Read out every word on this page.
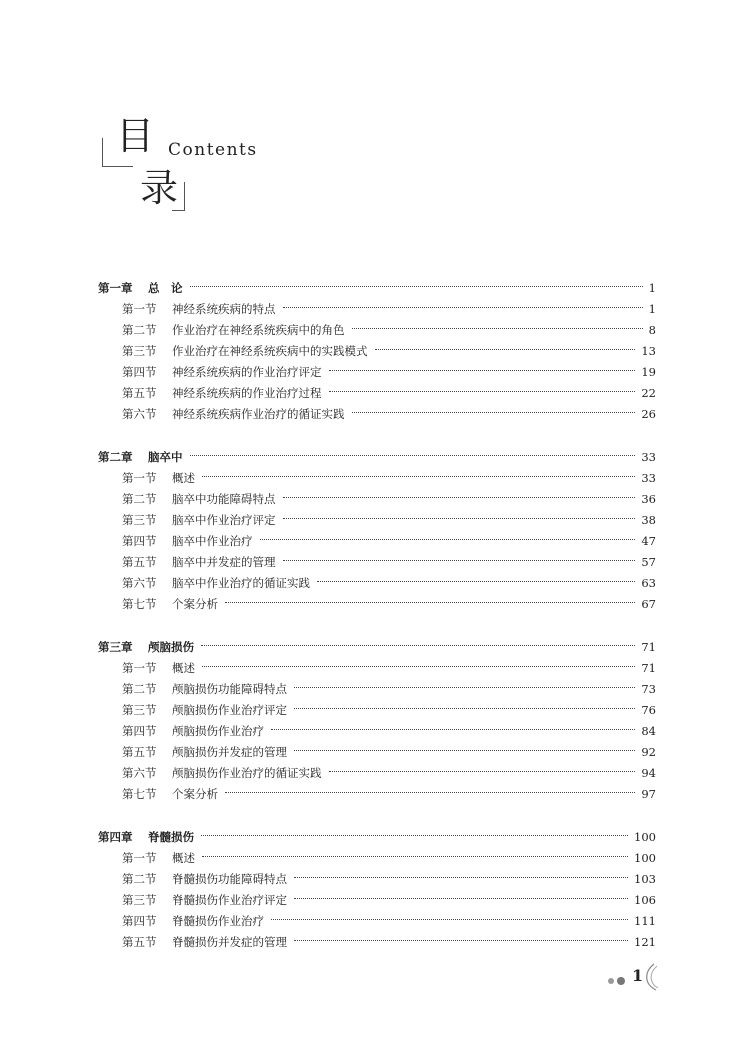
目 Contents
录
第一章	总　论	1
第一节	神经系统疾病的特点	1
第二节	作业治疗在神经系统疾病中的角色	8
第三节	作业治疗在神经系统疾病中的实践模式	13
第四节	神经系统疾病的作业治疗评定	19
第五节	神经系统疾病的作业治疗过程	22
第六节	神经系统疾病作业治疗的循证实践	26
第二章	脑卒中	33
第一节	概述	33
第二节	脑卒中功能障碍特点	36
第三节	脑卒中作业治疗评定	38
第四节	脑卒中作业治疗	47
第五节	脑卒中并发症的管理	57
第六节	脑卒中作业治疗的循证实践	63
第七节	个案分析	67
第三章	颅脑损伤	71
第一节	概述	71
第二节	颅脑损伤功能障碍特点	73
第三节	颅脑损伤作业治疗评定	76
第四节	颅脑损伤作业治疗	84
第五节	颅脑损伤并发症的管理	92
第六节	颅脑损伤作业治疗的循证实践	94
第七节	个案分析	97
第四章	脊髓损伤	100
第一节	概述	100
第二节	脊髓损伤功能障碍特点	103
第三节	脊髓损伤作业治疗评定	106
第四节	脊髓损伤作业治疗	111
第五节	脊髓损伤并发症的管理	121
1
